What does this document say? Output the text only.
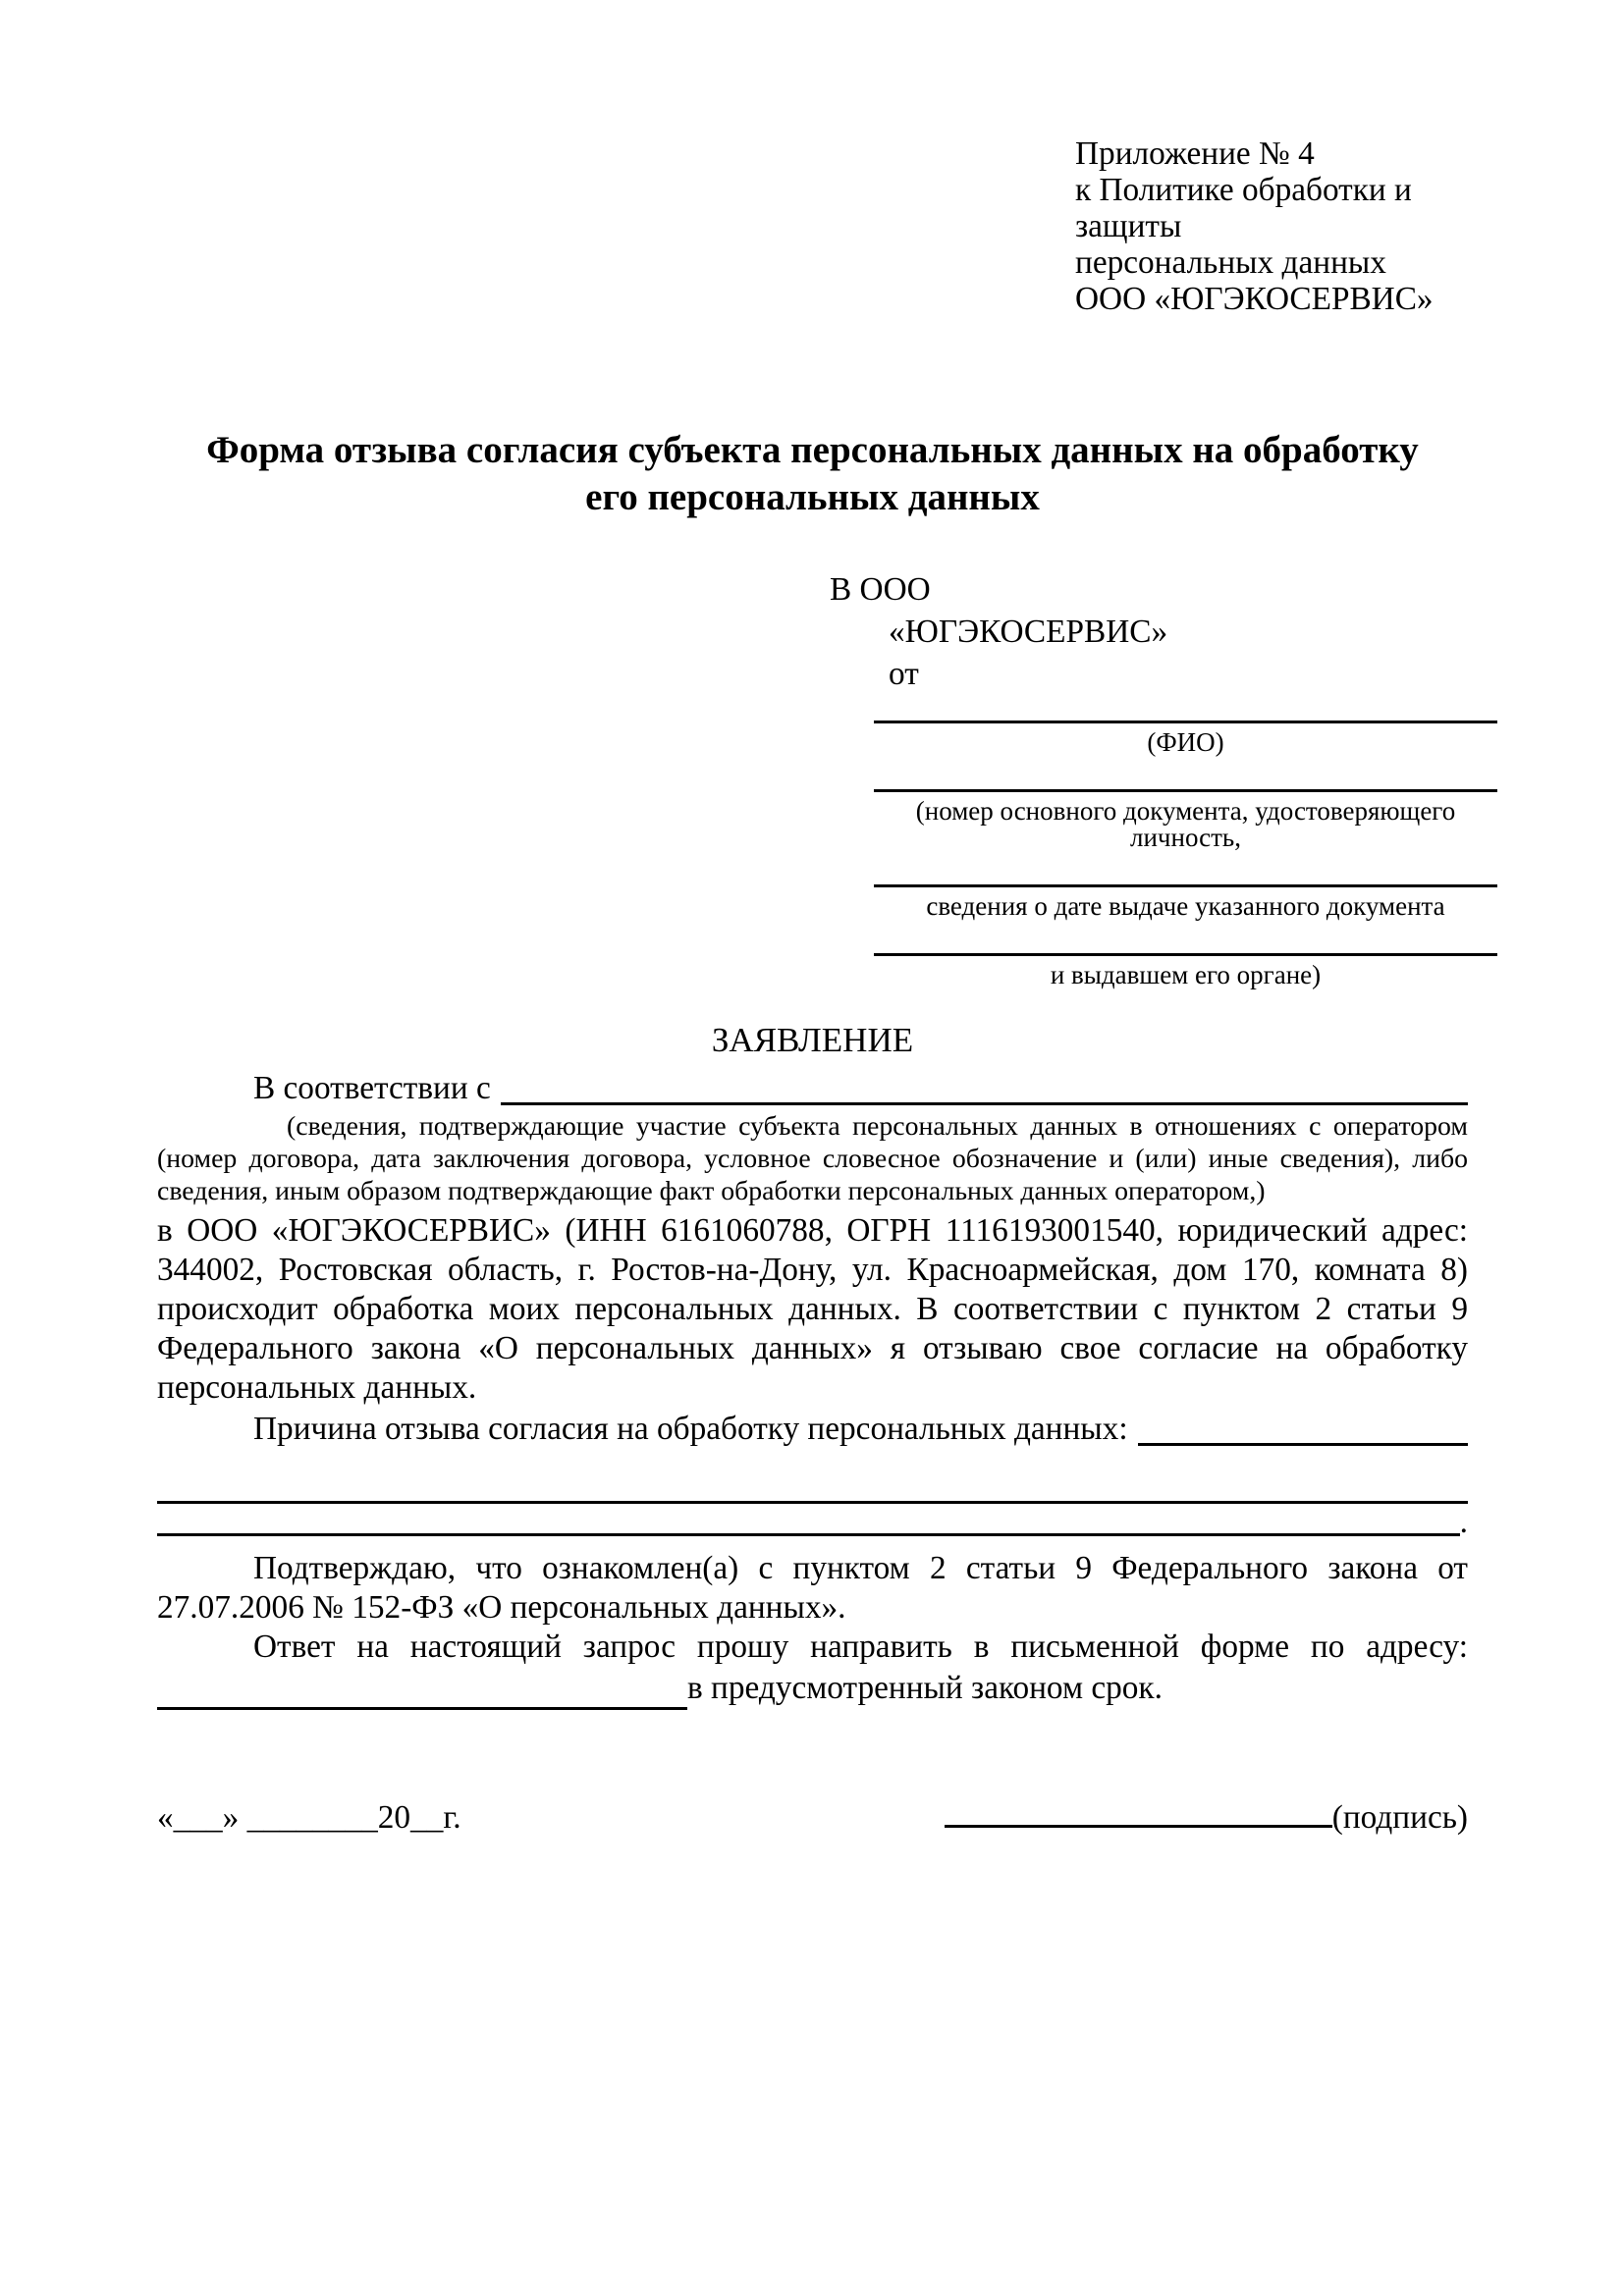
Приложение № 4
к Политике обработки и защиты
персональных данных
ООО «ЮГЭКОСЕРВИС»
Форма отзыва согласия субъекта персональных данных на обработку
его персональных данных
В ООО
«ЮГЭКОСЕРВИС»
от
(ФИО)
(номер основного документа, удостоверяющего личность,
сведения о дате выдаче указанного документа
и выдавшем его органе)
ЗАЯВЛЕНИЕ
В соответствии с

(сведения, подтверждающие участие субъекта персональных данных в отношениях с оператором (номер договора, дата заключения договора, условное словесное обозначение и (или) иные сведения), либо сведения, иным образом подтверждающие факт обработки персональных данных оператором,)

в ООО «ЮГЭКОСЕРВИС» (ИНН 6161060788, ОГРН 1116193001540, юридический адрес: 344002, Ростовская область, г. Ростов-на-Дону, ул. Красноармейская, дом 170, комната 8) происходит обработка моих персональных данных. В соответствии с пунктом 2 статьи 9 Федерального закона «О персональных данных» я отзываю свое согласие на обработку персональных данных.

Причина отзыва согласия на обработку персональных данных:
.

Подтверждаю, что ознакомлен(а) с пунктом 2 статьи 9 Федерального закона от 27.07.2006 № 152-ФЗ «О персональных данных».

Ответ на настоящий запрос прошу направить в письменной форме по адресу:

в предусмотренный законом срок.
«___» ________20__г.	(подпись)
